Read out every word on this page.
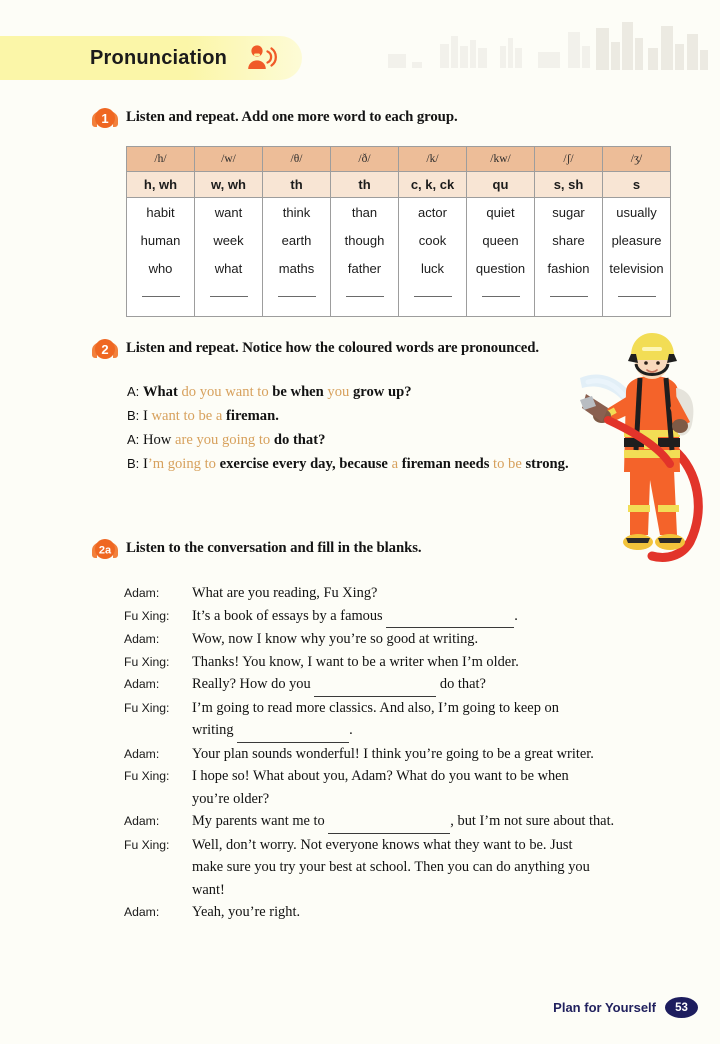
Pronunciation
1 Listen and repeat. Add one more word to each group.
/h/	/w/	/θ/	/ð/	/k/	/kw/	/ʃ/	/ʒ/
h, wh	w, wh	th	th	c, k, ck	qu	s, sh	s
habit	want	think	than	actor	quiet	sugar	usually
human	week	earth	though	cook	queen	share	pleasure
who	what	maths	father	luck	question	fashion	television

2 Listen and repeat. Notice how the coloured words are pronounced.
A: What do you want to be when you grow up?
B: I want to be a fireman.
A: How are you going to do that?
B: I’m going to exercise every day, because a fireman needs to be strong.
2a Listen to the conversation and fill in the blanks.
Adam:	What are you reading, Fu Xing?
Fu Xing:	It’s a book of essays by a famous	.
Adam:	Wow, now I know why you’re so good at writing.
Fu Xing:	Thanks! You know, I want to be a writer when I’m older.
Adam:	Really? How do you	do that?
Fu Xing:	I’m going to read more classics. And also, I’m going to keep on
writing	.
Adam:	Your plan sounds wonderful! I think you’re going to be a great writer.
Fu Xing:	I hope so! What about you, Adam? What do you want to be when
you’re older?
Adam:	My parents want me to	, but I’m not sure about that.
Fu Xing:	Well, don’t worry. Not everyone knows what they want to be. Just
make sure you try your best at school. Then you can do anything you
want!
Adam:	Yeah, you’re right.
Plan for Yourself	53
